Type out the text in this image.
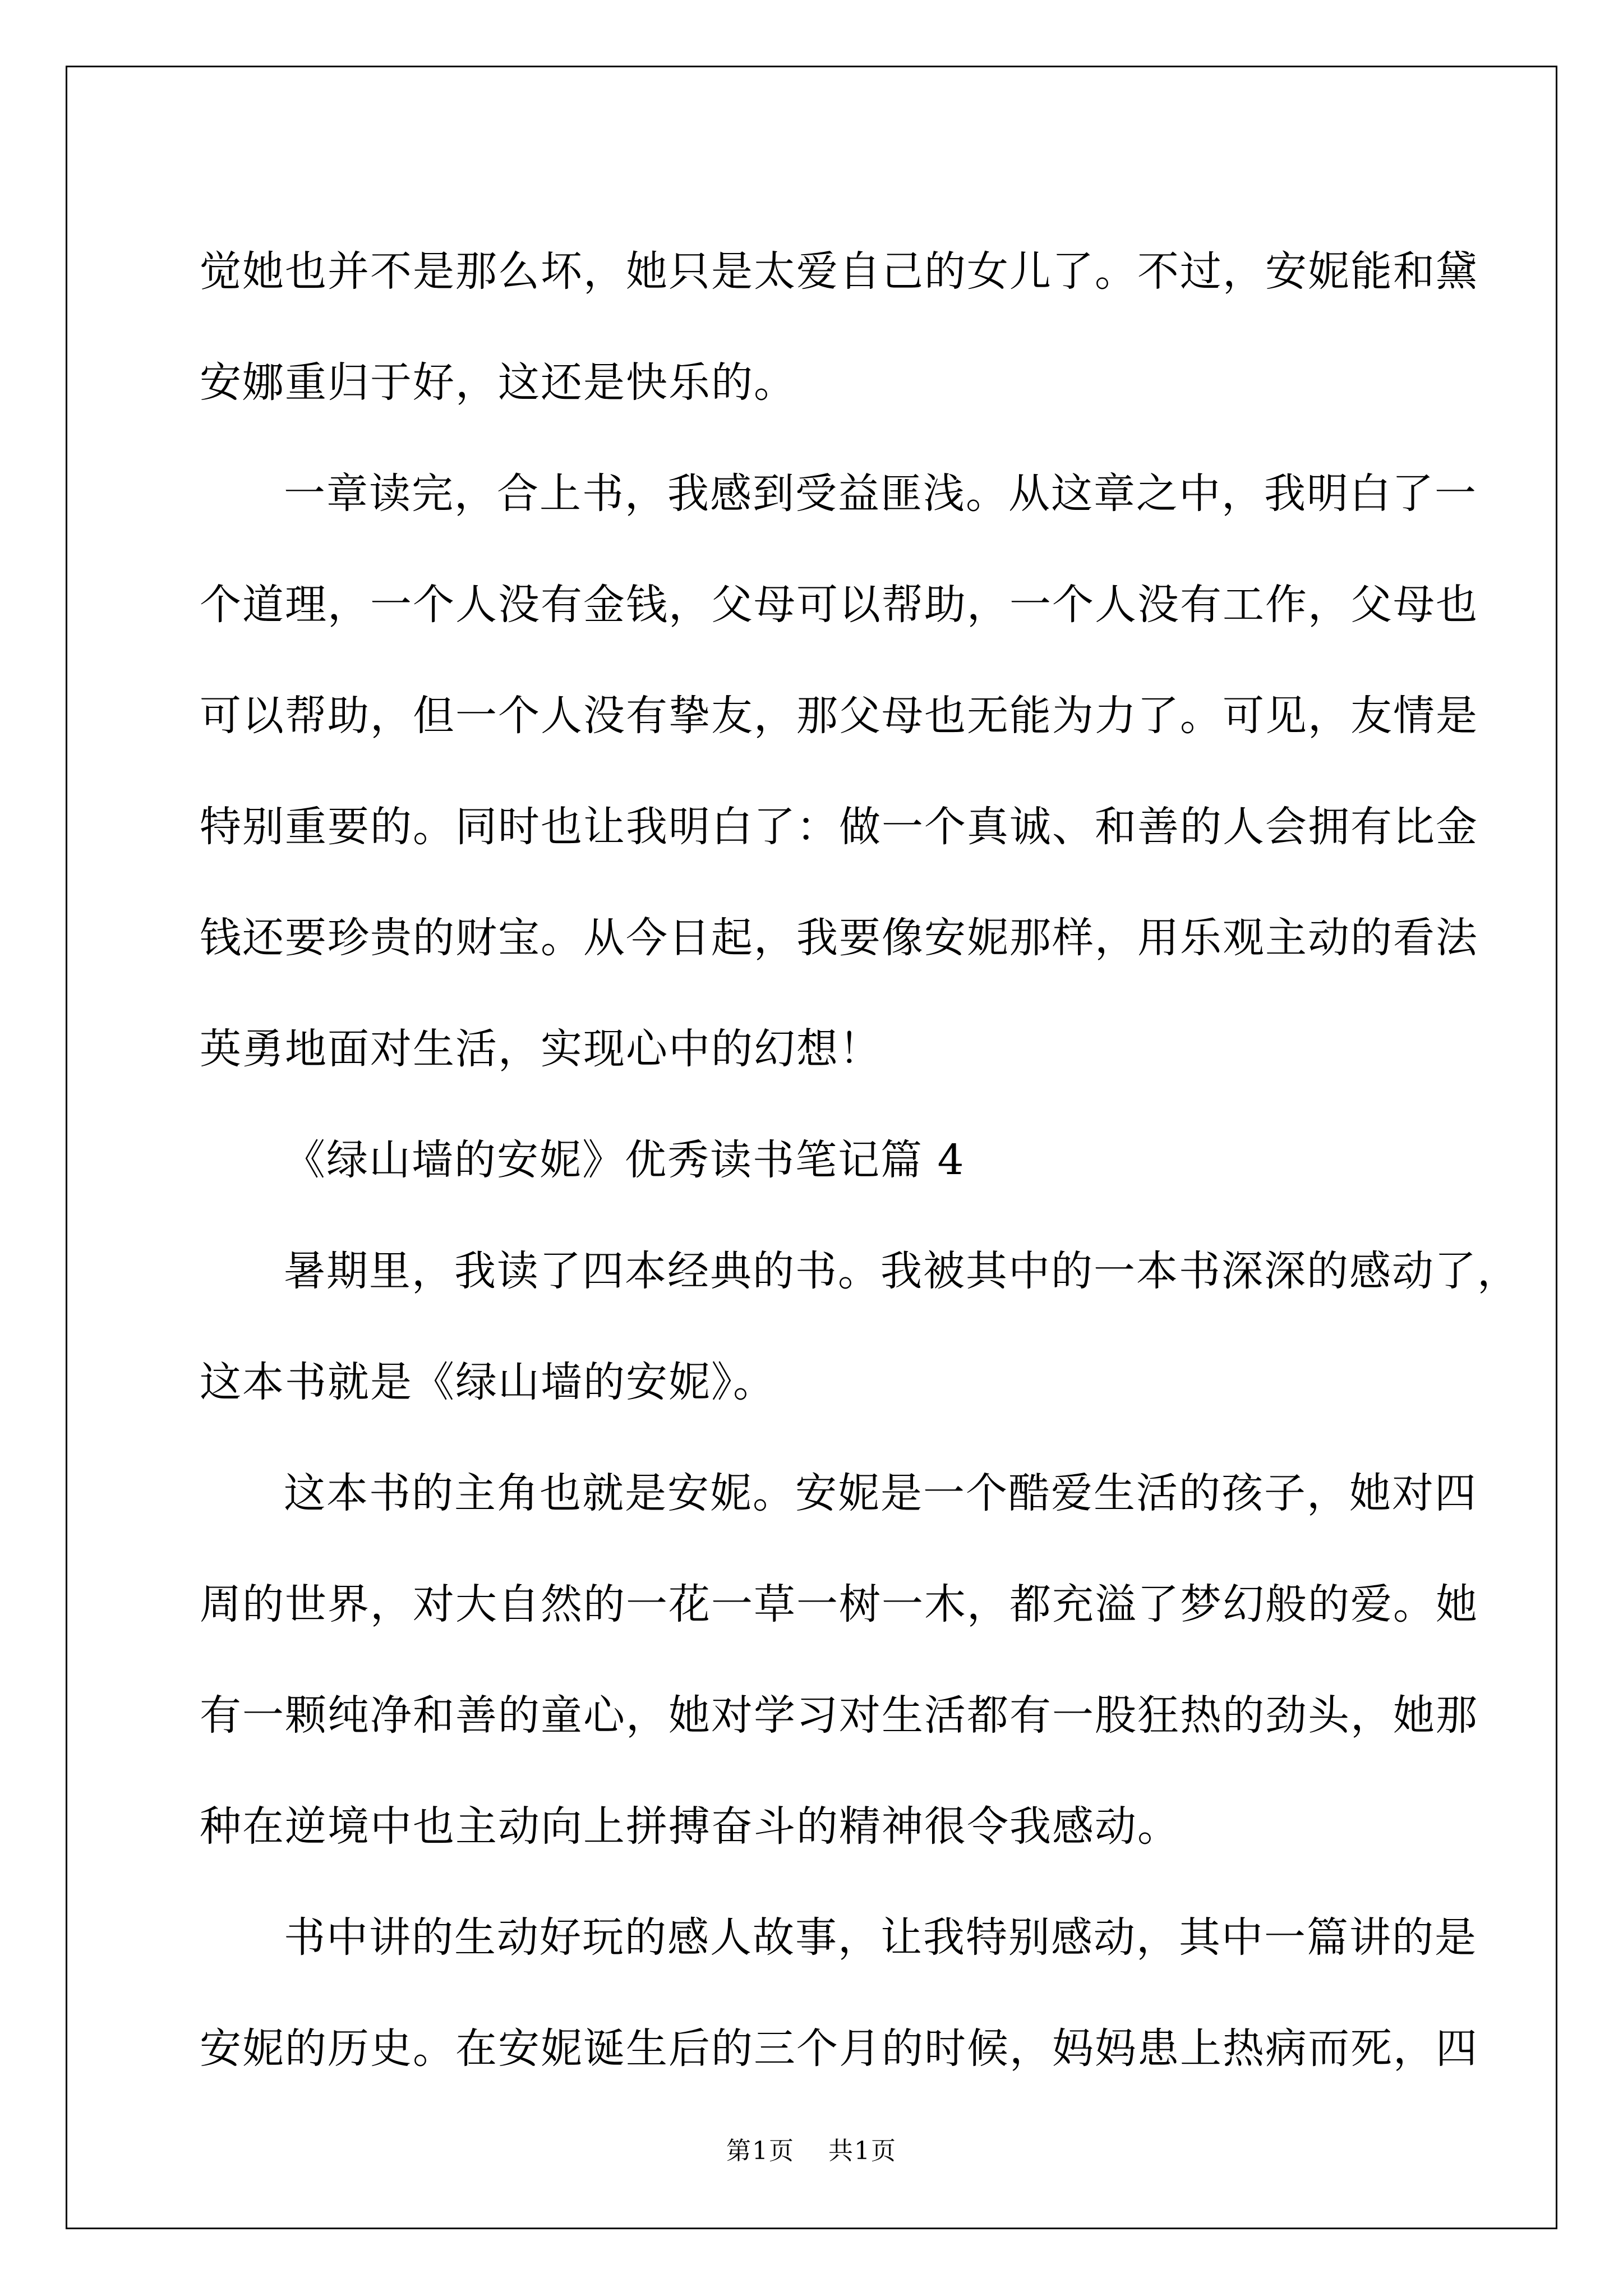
觉她也并不是那么坏，她只是太爱自己的女儿了。不过，安妮能和黛
安娜重归于好，这还是快乐的。
一章读完，合上书，我感到受益匪浅。从这章之中，我明白了一
个道理，一个人没有金钱，父母可以帮助，一个人没有工作，父母也
可以帮助，但一个人没有挚友，那父母也无能为力了。可见，友情是
特别重要的。同时也让我明白了：做一个真诚、和善的人会拥有比金
钱还要珍贵的财宝。从今日起，我要像安妮那样，用乐观主动的看法
英勇地面对生活，实现心中的幻想！
《绿山墙的安妮》优秀读书笔记篇 4
暑期里，我读了四本经典的书。我被其中的一本书深深的感动了，
这本书就是《绿山墙的安妮》。
这本书的主角也就是安妮。安妮是一个酷爱生活的孩子，她对四
周的世界，对大自然的一花一草一树一木，都充溢了梦幻般的爱。她
有一颗纯净和善的童心，她对学习对生活都有一股狂热的劲头，她那
种在逆境中也主动向上拼搏奋斗的精神很令我感动。
书中讲的生动好玩的感人故事，让我特别感动，其中一篇讲的是
安妮的历史。在安妮诞生后的三个月的时候，妈妈患上热病而死，四
第1页 共1页
